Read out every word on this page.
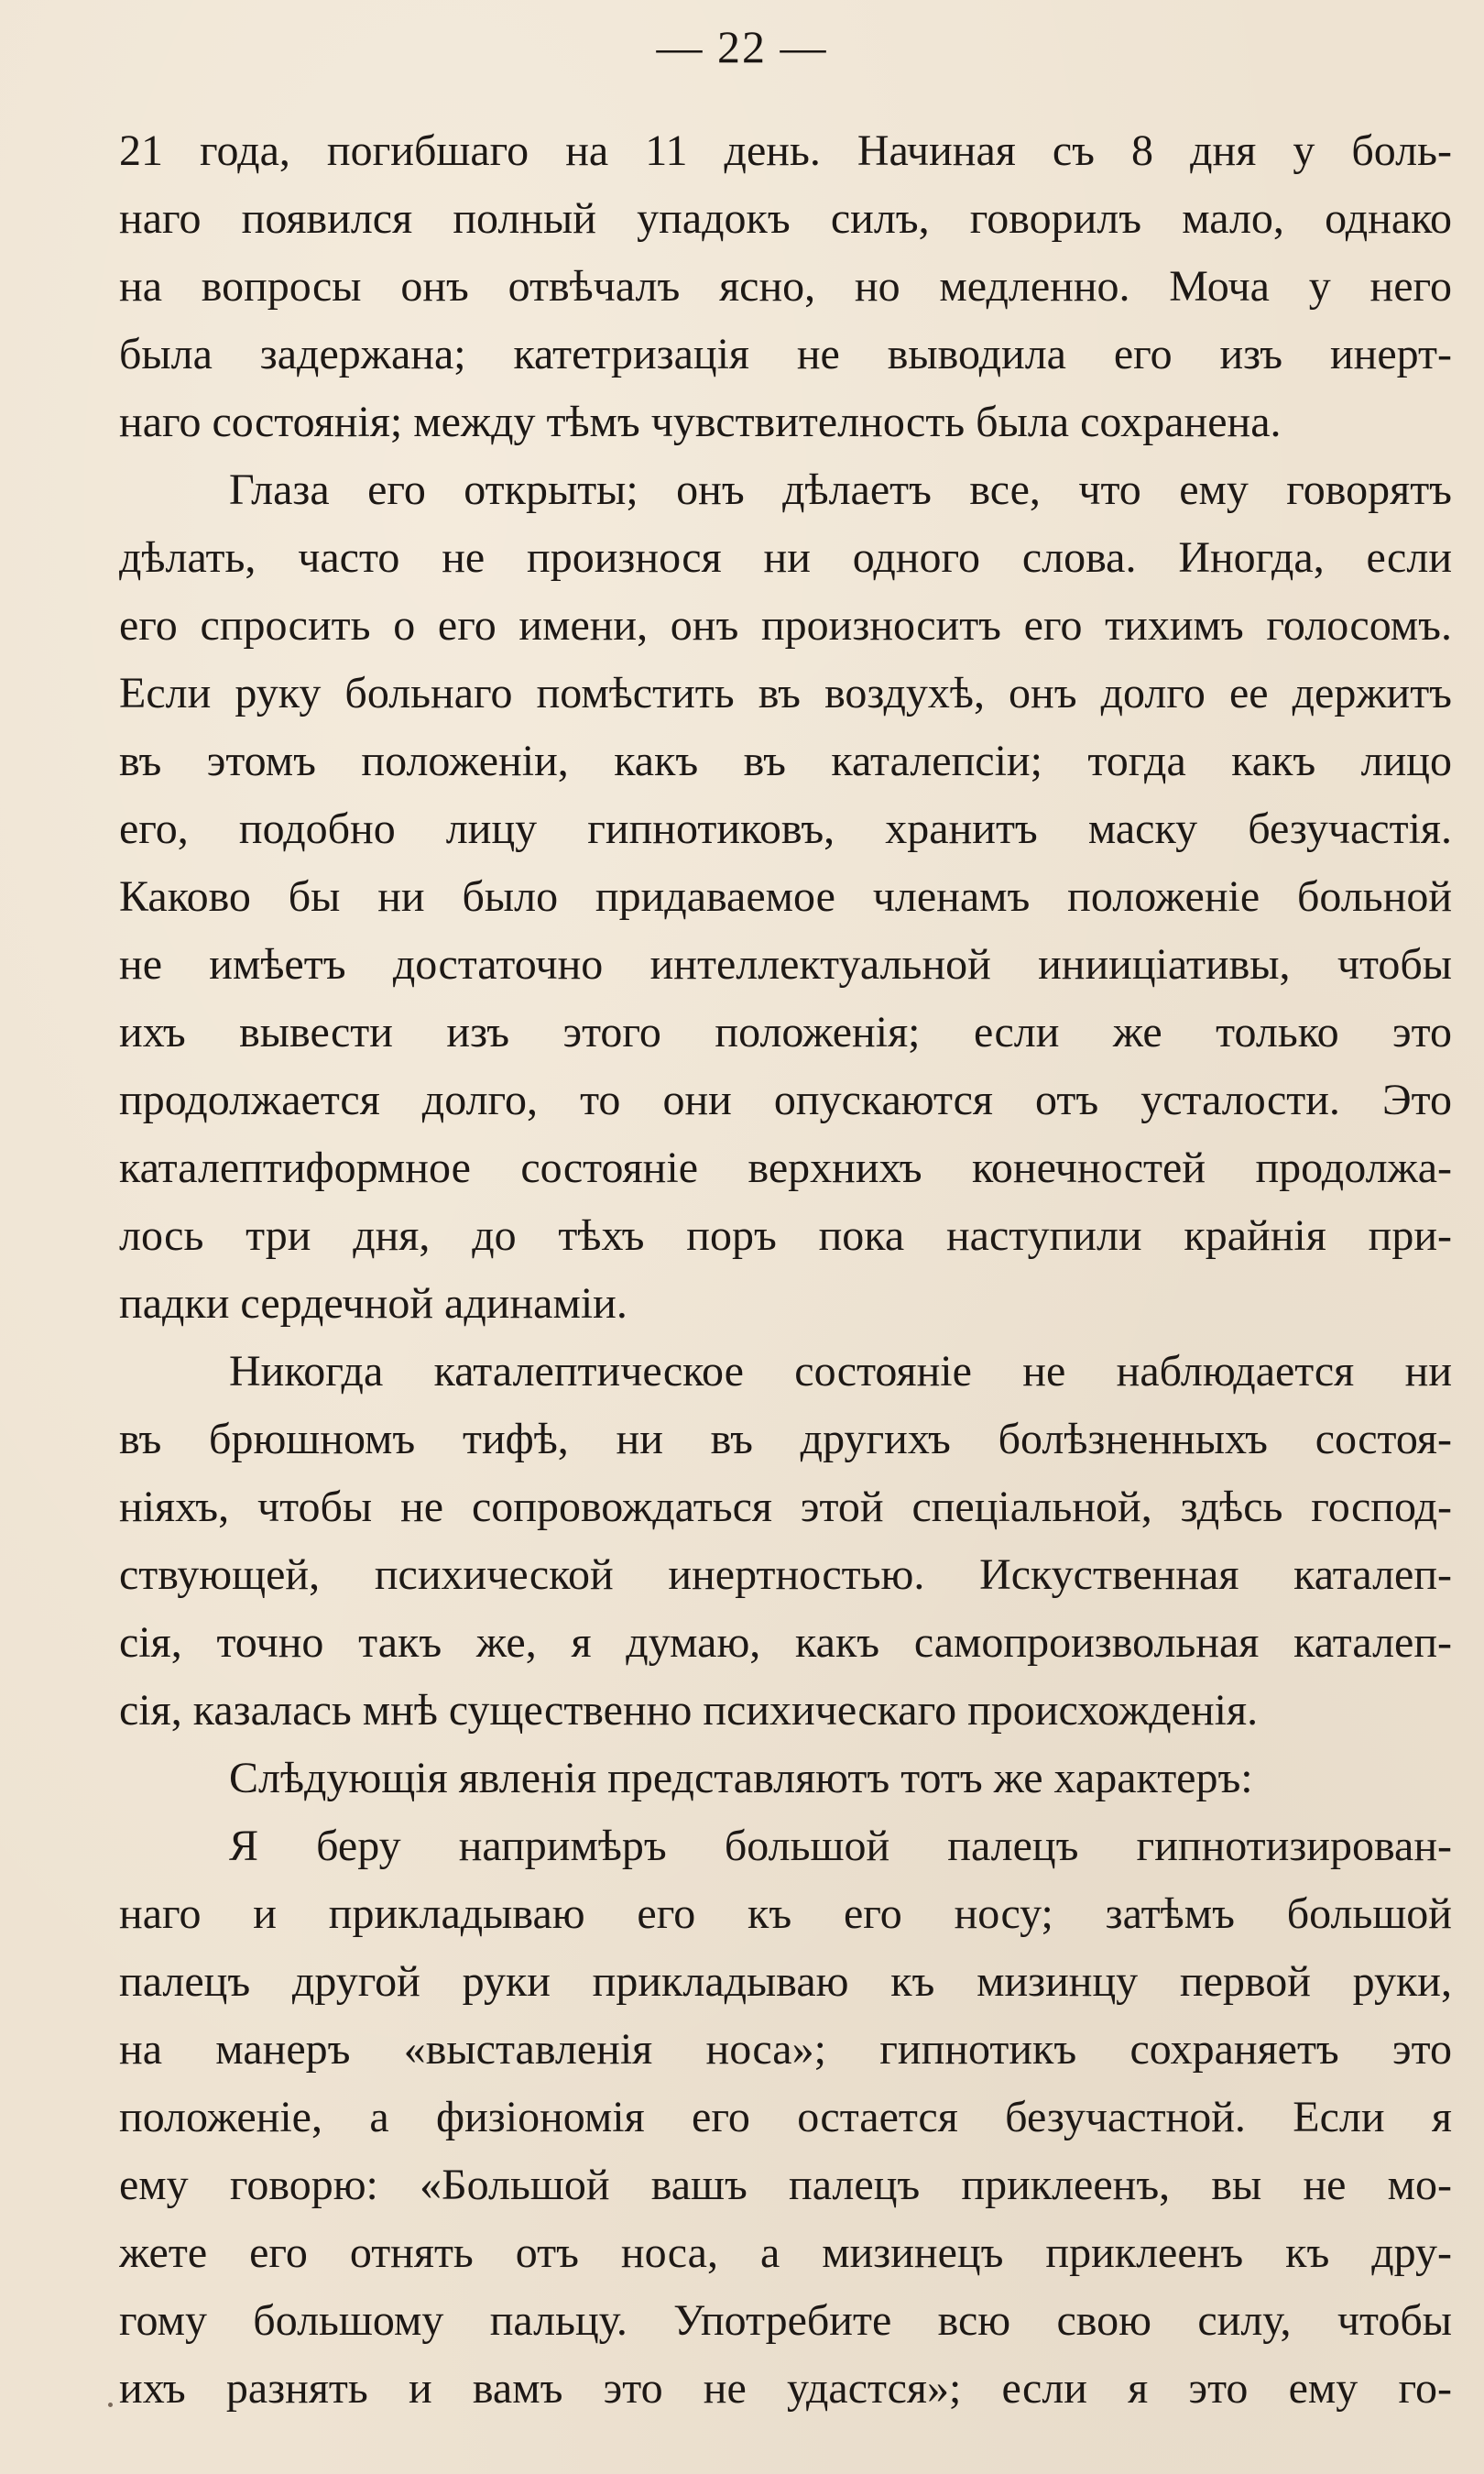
— 22 —
21 года, погибшаго на 11 день. Начиная съ 8 дня у боль-
наго появился полный упадокъ силъ, говорилъ мало, однако
на вопросы онъ отвѣчалъ ясно, но медленно. Моча у него
была задержана; катетризація не выводила его изъ инерт-
наго состоянія; между тѣмъ чувствителность была сохранена.
Глаза его открыты; онъ дѣлаетъ все, что ему говорятъ
дѣлать, часто не произнося ни одного слова. Иногда, если
его спросить о его имени, онъ произноситъ его тихимъ голосомъ.
Если руку больнаго помѣстить въ воздухѣ, онъ долго ее держитъ
въ этомъ положеніи, какъ въ каталепсіи; тогда какъ лицо
его, подобно лицу гипнотиковъ, хранитъ маску безучастія.
Каково бы ни было придаваемое членамъ положеніе больной
не имѣетъ достаточно интеллектуальной инииціативы, чтобы
ихъ вывести изъ этого положенія; если же только это
продолжается долго, то они опускаются отъ усталости. Это
каталептиформное состояніе верхнихъ конечностей продолжа-
лось три дня, до тѣхъ поръ пока наступили крайнія при-
падки сердечной адинаміи.
Никогда каталептическое состояніе не наблюдается ни
въ брюшномъ тифѣ, ни въ другихъ болѣзненныхъ состоя-
ніяхъ, чтобы не сопровождаться этой спеціальной, здѣсь господ-
ствующей, психической инертностью. Искуственная каталеп-
сія, точно такъ же, я думаю, какъ самопроизвольная каталеп-
сія, казалась мнѣ существенно психическаго происхожденія.
Слѣдующія явленія представляютъ тотъ же характеръ:
Я беру напримѣръ большой палецъ гипнотизирован-
наго и прикладываю его къ его носу; затѣмъ большой
палецъ другой руки прикладываю къ мизинцу первой руки,
на манеръ «выставленія носа»; гипнотикъ сохраняетъ это
положеніе, а физіономія его остается безучастной. Если я
ему говорю: «Большой вашъ палецъ приклеенъ, вы не мо-
жете его отнять отъ носа, а мизинецъ приклеенъ къ дру-
гому большому пальцу. Употребите всю свою силу, чтобы
ихъ разнять и вамъ это не удастся»; если я это ему го-
